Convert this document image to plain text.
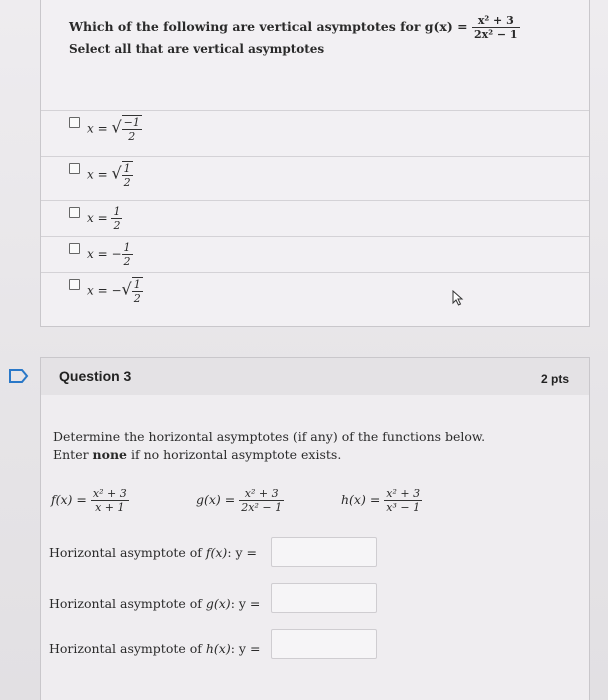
Which of the following are vertical asymptotes for $g(x) = \frac{\text{x² + 3}}{\text{2x² − 1}}$
Select all that are vertical asymptotes
x = √ $\frac{-1}{2}$
x = √ $\frac{1}{2}$
$x = \frac{1}{2}$
x = − $\frac{1}{2}$
x = −√ $\frac{1}{2}$
Question 3	2 pts
Determine the horizontal asymptotes (if any) of the functions below.
Enter none if no horizontal asymptote exists.
$f(x) = \frac{\text{x² + 3}}{x + 1}$	$g(x) = \frac{\text{x² + 3}}{\text{2x² − 1}}$	$h(x) = \frac{\text{x² + 3}}{\text{x³ − 1}}$
Horizontal asymptote of f(x): y =
Horizontal asymptote of g(x): y =
Horizontal asymptote of h(x): y =
